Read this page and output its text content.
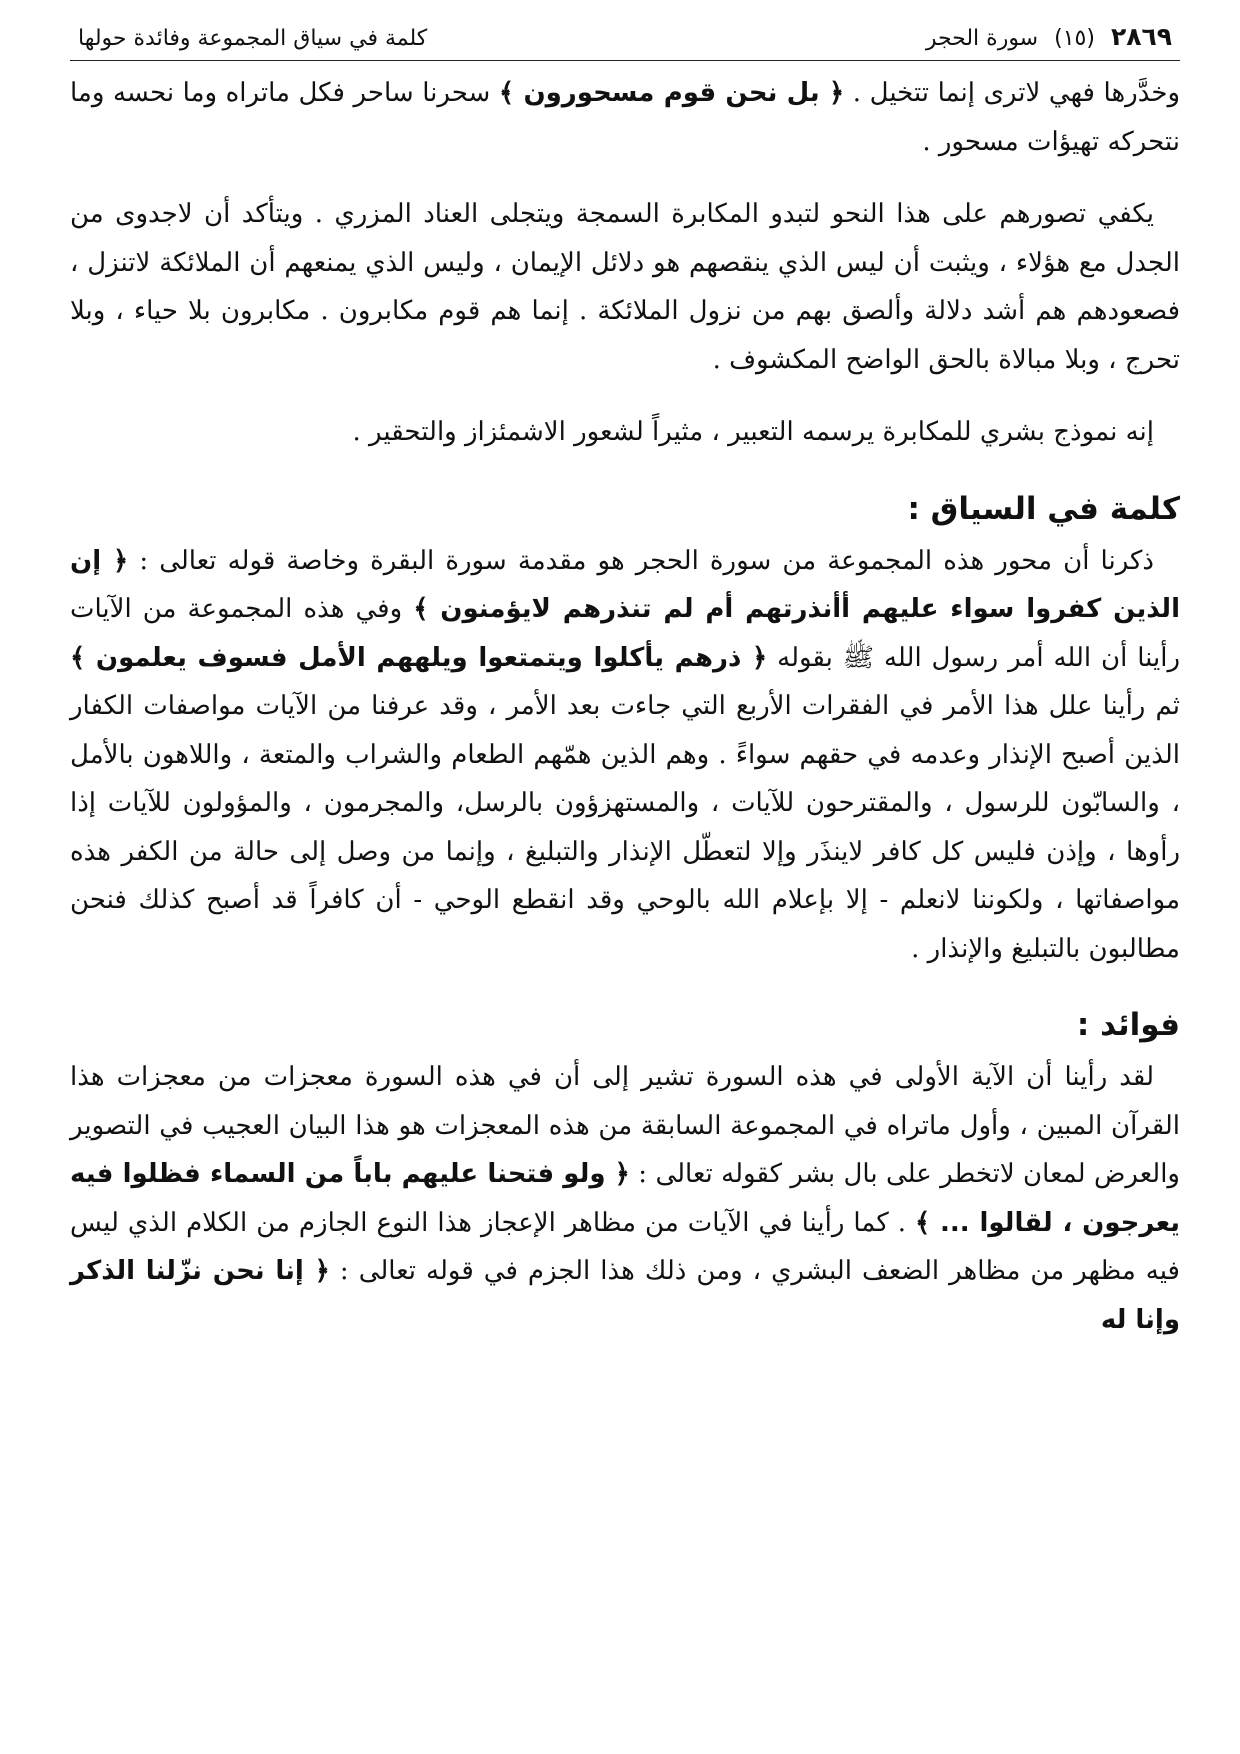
٢٨٦٩
(١٥)
سورة الحجر
كلمة في سياق المجموعة وفائدة حولها

وخدَّرها فهي لاترى إنما تتخيل . ﴿ بل نحن قوم مسحورون ﴾ سحرنا ساحر فكل ماتراه وما نحسه وما نتحركه تهيؤات مسحور .

يكفي تصورهم على هذا النحو لتبدو المكابرة السمجة ويتجلى العناد المزري . ويتأكد أن لاجدوى من الجدل مع هؤلاء ، ويثبت أن ليس الذي ينقصهم هو دلائل الإيمان ، وليس الذي يمنعهم أن الملائكة لاتنزل ، فصعودهم هم أشد دلالة وألصق بهم من نزول الملائكة . إنما هم قوم مكابرون . مكابرون بلا حياء ، وبلا تحرج ، وبلا مبالاة بالحق الواضح المكشوف .

إنه نموذج بشري للمكابرة يرسمه التعبير ، مثيراً لشعور الاشمئزاز والتحقير .

كلمة في السياق :

ذكرنا أن محور هذه المجموعة من سورة الحجر هو مقدمة سورة البقرة وخاصة قوله تعالى : ﴿ إن الذين كفروا سواء عليهم أأنذرتهم أم لم تنذرهم لايؤمنون ﴾ وفي هذه المجموعة من الآيات رأينا أن الله أمر رسول الله ﷺ بقوله ﴿ ذرهم يأكلوا ويتمتعوا ويلههم الأمل فسوف يعلمون ﴾ ثم رأينا علل هذا الأمر في الفقرات الأربع التي جاءت بعد الأمر ، وقد عرفنا من الآيات مواصفات الكفار الذين أصبح الإنذار وعدمه في حقهم سواءً . وهم الذين همّهم الطعام والشراب والمتعة ، واللاهون بالأمل ، والسابّون للرسول ، والمقترحون للآيات ، والمستهزؤون بالرسل، والمجرمون ، والمؤولون للآيات إذا رأوها ، وإذن فليس كل كافر لاينذَر وإلا لتعطّل الإنذار والتبليغ ، وإنما من وصل إلى حالة من الكفر هذه مواصفاتها ، ولكوننا لانعلم - إلا بإعلام الله بالوحي وقد انقطع الوحي - أن كافراً قد أصبح كذلك فنحن مطالبون بالتبليغ والإنذار .

فوائد :

لقد رأينا أن الآية الأولى في هذه السورة تشير إلى أن في هذه السورة معجزات من معجزات هذا القرآن المبين ، وأول ماتراه في المجموعة السابقة من هذه المعجزات هو هذا البيان العجيب في التصوير والعرض لمعان لاتخطر على بال بشر كقوله تعالى : ﴿ ولو فتحنا عليهم باباً من السماء فظلوا فيه يعرجون ، لقالوا ... ﴾ . كما رأينا في الآيات من مظاهر الإعجاز هذا النوع الجازم من الكلام الذي ليس فيه مظهر من مظاهر الضعف البشري ، ومن ذلك هذا الجزم في قوله تعالى : ﴿ إنا نحن نزّلنا الذكر وإنا له
